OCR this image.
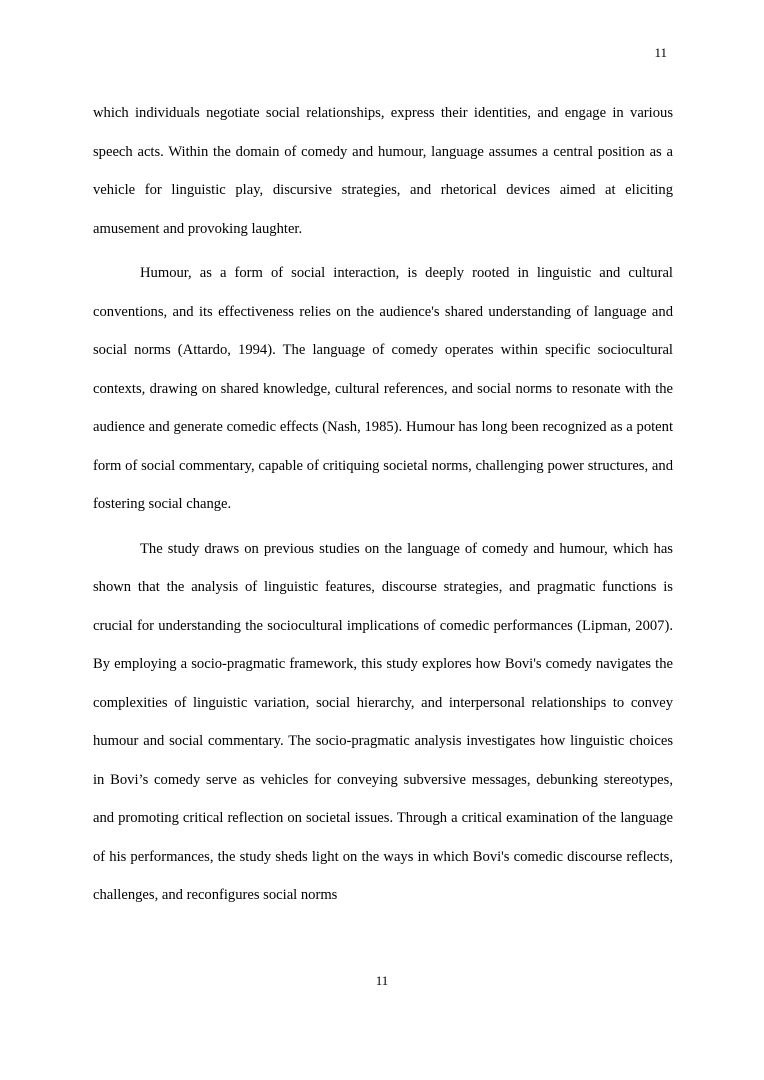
11

which individuals negotiate social relationships, express their identities, and engage in various speech acts. Within the domain of comedy and humour, language assumes a central position as a vehicle for linguistic play, discursive strategies, and rhetorical devices aimed at eliciting amusement and provoking laughter.

Humour, as a form of social interaction, is deeply rooted in linguistic and cultural conventions, and its effectiveness relies on the audience's shared understanding of language and social norms (Attardo, 1994). The language of comedy operates within specific sociocultural contexts, drawing on shared knowledge, cultural references, and social norms to resonate with the audience and generate comedic effects (Nash, 1985). Humour has long been recognized as a potent form of social commentary, capable of critiquing societal norms, challenging power structures, and fostering social change.

The study draws on previous studies on the language of comedy and humour, which has shown that the analysis of linguistic features, discourse strategies, and pragmatic functions is crucial for understanding the sociocultural implications of comedic performances (Lipman, 2007). By employing a socio-pragmatic framework, this study explores how Bovi's comedy navigates the complexities of linguistic variation, social hierarchy, and interpersonal relationships to convey humour and social commentary. The socio-pragmatic analysis investigates how linguistic choices in Bovi’s comedy serve as vehicles for conveying subversive messages, debunking stereotypes, and promoting critical reflection on societal issues. Through a critical examination of the language of his performances, the study sheds light on the ways in which Bovi's comedic discourse reflects, challenges, and reconfigures social norms

11
